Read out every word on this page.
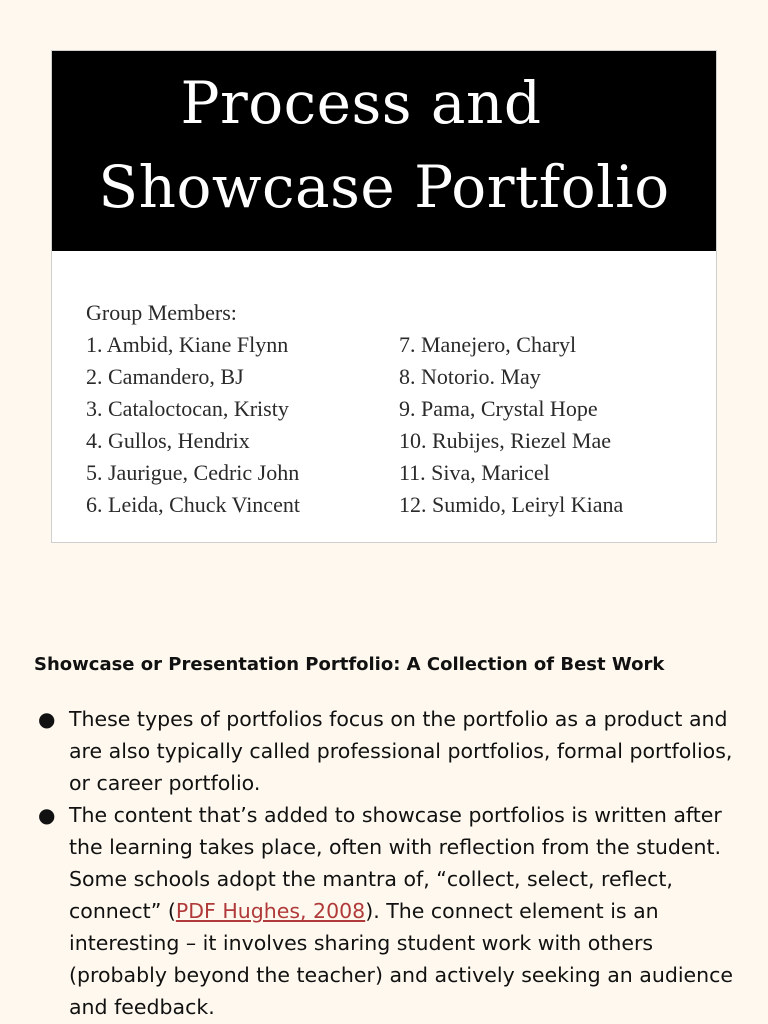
Process and
Showcase Portfolio
Group Members:
1. Ambid, Kiane Flynn
2. Camandero, BJ
3. Cataloctocan, Kristy
4. Gullos, Hendrix
5. Jaurigue, Cedric John
6. Leida, Chuck Vincent
7. Manejero, Charyl
8. Notorio. May
9. Pama, Crystal Hope
10. Rubijes, Riezel Mae
11. Siva, Maricel
12. Sumido, Leiryl Kiana
Showcase or Presentation Portfolio: A Collection of Best Work
● These types of portfolios focus on the portfolio as a product and are also typically called professional portfolios, formal portfolios, or career portfolio.
● The content that’s added to showcase portfolios is written after the learning takes place, often with reflection from the student. Some schools adopt the mantra of, “collect, select, reflect, connect” (PDF Hughes, 2008). The connect element is an interesting – it involves sharing student work with others (probably beyond the teacher) and actively seeking an audience and feedback.
